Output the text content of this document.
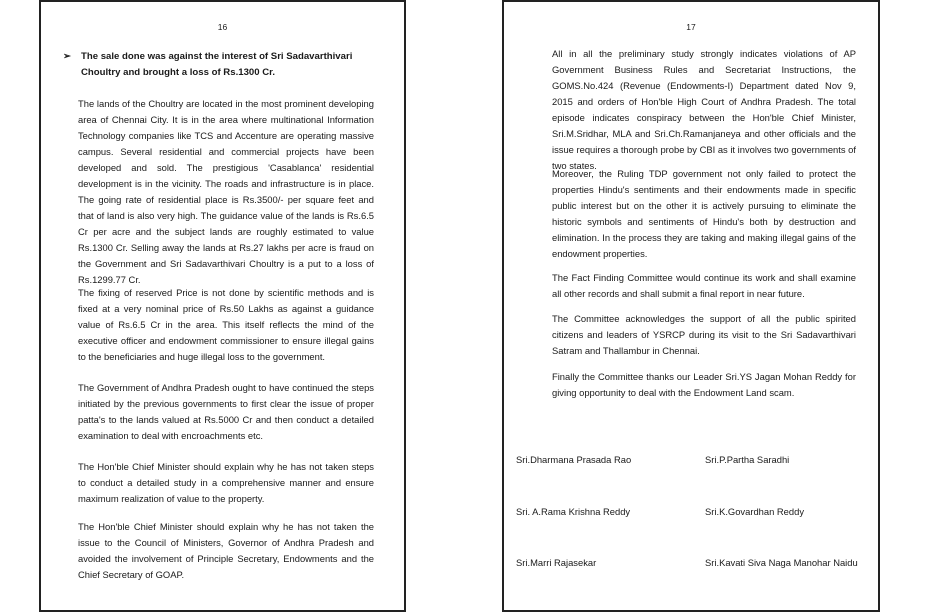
16
➢ The sale done was against the interest of Sri Sadavarthivari Choultry and brought a loss of Rs.1300 Cr.
The lands of the Choultry are located in the most prominent developing area of Chennai City. It is in the area where multinational Information Technology companies like TCS and Accenture are operating massive campus. Several residential and commercial projects have been developed and sold. The prestigious 'Casablanca' residential development is in the vicinity. The roads and infrastructure is in place. The going rate of residential place is Rs.3500/- per square feet and that of land is also very high. The guidance value of the lands is Rs.6.5 Cr per acre and the subject lands are roughly estimated to value Rs.1300 Cr. Selling away the lands at Rs.27 lakhs per acre is fraud on the Government and Sri Sadavarthivari Choultry is a put to a loss of Rs.1299.77 Cr.
The fixing of reserved Price is not done by scientific methods and is fixed at a very nominal price of Rs.50 Lakhs as against a guidance value of Rs.6.5 Cr in the area. This itself reflects the mind of the executive officer and endowment commissioner to ensure illegal gains to the beneficiaries and huge illegal loss to the government.
The Government of Andhra Pradesh ought to have continued the steps initiated by the previous governments to first clear the issue of proper patta's to the lands valued at Rs.5000 Cr and then conduct a detailed examination to deal with encroachments etc.
The Hon'ble Chief Minister should explain why he has not taken steps to conduct a detailed study in a comprehensive manner and ensure maximum realization of value to the property.
The Hon'ble Chief Minister should explain why he has not taken the issue to the Council of Ministers, Governor of Andhra Pradesh and avoided the involvement of Principle Secretary, Endowments and the Chief Secretary of GOAP.
17
All in all the preliminary study strongly indicates violations of AP Government Business Rules and Secretariat Instructions, the GOMS.No.424 (Revenue (Endowments-I) Department dated Nov 9, 2015 and orders of Hon'ble High Court of Andhra Pradesh. The total episode indicates conspiracy between the Hon'ble Chief Minister, Sri.M.Sridhar, MLA and Sri.Ch.Ramanjaneya and other officials and the issue requires a thorough probe by CBI as it involves two governments of two states.
Moreover, the Ruling TDP government not only failed to protect the properties Hindu's sentiments and their endowments made in specific public interest but on the other it is actively pursuing to eliminate the historic symbols and sentiments of Hindu's both by destruction and elimination. In the process they are taking and making illegal gains of the endowment properties.
The Fact Finding Committee would continue its work and shall examine all other records and shall submit a final report in near future.
The Committee acknowledges the support of all the public spirited citizens and leaders of YSRCP during its visit to the Sri Sadavarthivari Satram and Thallambur in Chennai.
Finally the Committee thanks our Leader Sri.YS Jagan Mohan Reddy for giving opportunity to deal with the Endowment Land scam.
Sri.Dharmana Prasada Rao	Sri.P.Partha Saradhi
Sri. A.Rama Krishna Reddy	Sri.K.Govardhan Reddy
Sri.Marri Rajasekar	Sri.Kavati Siva Naga Manohar Naidu
